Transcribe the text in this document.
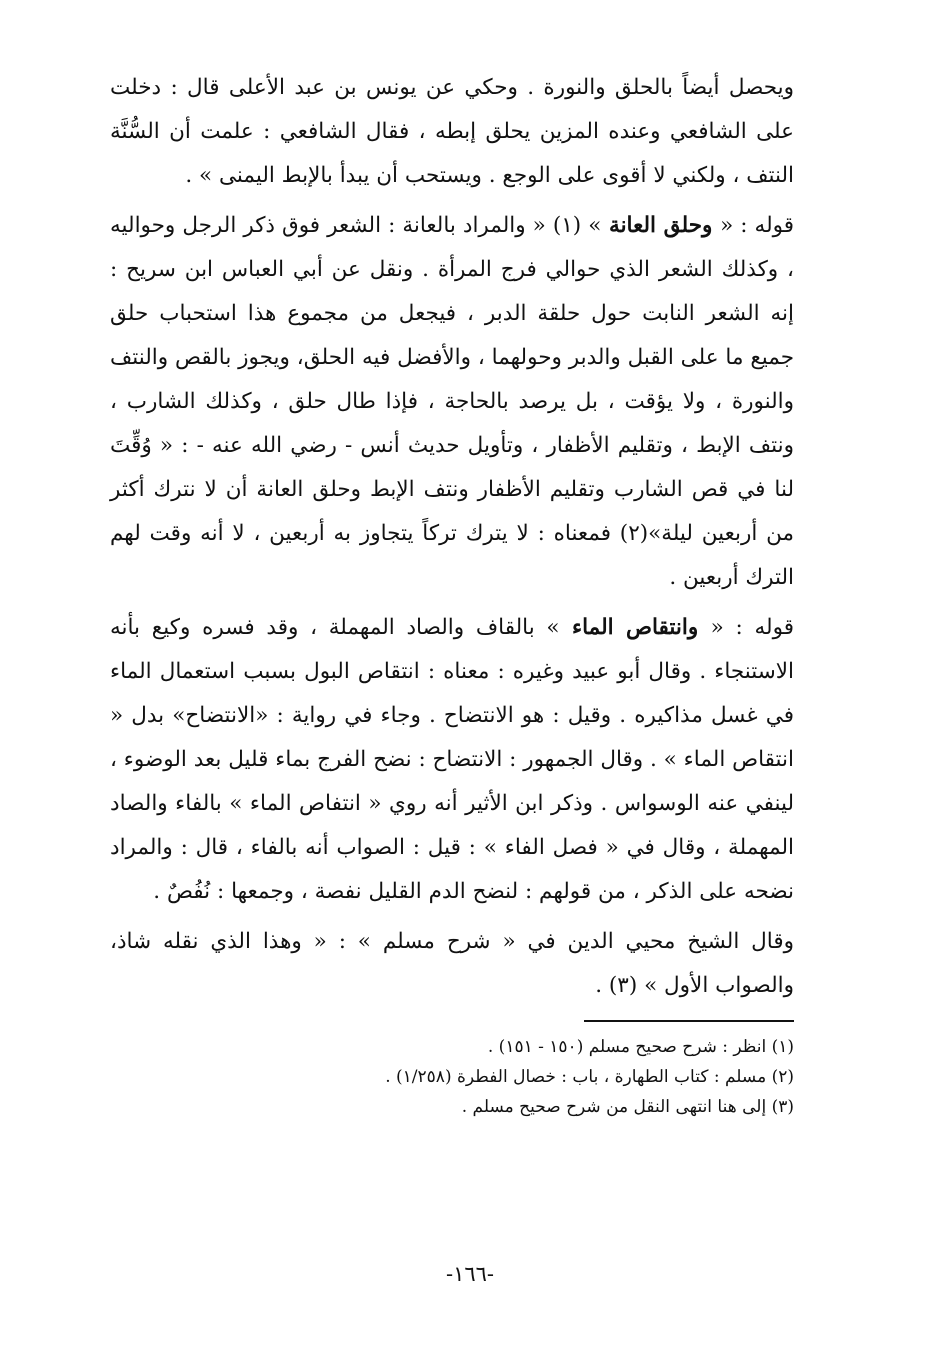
ويحصل أيضاً بالحلق والنورة . وحكي عن يونس بن عبد الأعلى قال : دخلت على الشافعي وعنده المزين يحلق إبطه ، فقال الشافعي : علمت أن السُّنَّة النتف ، ولكني لا أقوى على الوجع . ويستحب أن يبدأ بالإبط اليمنى » .

قوله : « وحلق العانة » (١) « والمراد بالعانة : الشعر فوق ذكر الرجل وحواليه ، وكذلك الشعر الذي حوالي فرج المرأة . ونقل عن أبي العباس ابن سريح : إنه الشعر النابت حول حلقة الدبر ، فيجعل من مجموع هذا استحباب حلق جميع ما على القبل والدبر وحولهما ، والأفضل فيه الحلق، ويجوز بالقص والنتف والنورة ، ولا يؤقت ، بل يرصد بالحاجة ، فإذا طال حلق ، وكذلك الشارب ، ونتف الإبط ، وتقليم الأظفار ، وتأويل حديث أنس - رضي الله عنه - : « وُقِّتَ لنا في قص الشارب وتقليم الأظفار ونتف الإبط وحلق العانة أن لا نترك أكثر من أربعين ليلة»(٢) فمعناه : لا يترك تركاً يتجاوز به أربعين ، لا أنه وقت لهم الترك أربعين .

قوله : « وانتقاص الماء » بالقاف والصاد المهملة ، وقد فسره وكيع بأنه الاستنجاء . وقال أبو عبيد وغيره : معناه : انتقاص البول بسبب استعمال الماء في غسل مذاكيره . وقيل : هو الانتضاح . وجاء في رواية : «الانتضاح» بدل « انتقاص الماء » . وقال الجمهور : الانتضاح : نضح الفرج بماء قليل بعد الوضوء ، لينفي عنه الوسواس . وذكر ابن الأثير أنه روي « انتفاص الماء » بالفاء والصاد المهملة ، وقال في « فصل الفاء » : قيل : الصواب أنه بالفاء ، قال : والمراد نضحه على الذكر ، من قولهم : لنضح الدم القليل نفصة ، وجمعها : نُفُصٌ .

وقال الشيخ محيي الدين في « شرح مسلم » : « وهذا الذي نقله شاذ، والصواب الأول » (٣) .

(١) انظر : شرح صحيح مسلم (١٥٠ - ١٥١) .

(٢) مسلم : كتاب الطهارة ، باب : خصال الفطرة (١/٢٥٨) .

(٣) إلى هنا انتهى النقل من شرح صحيح مسلم .

-١٦٦-
